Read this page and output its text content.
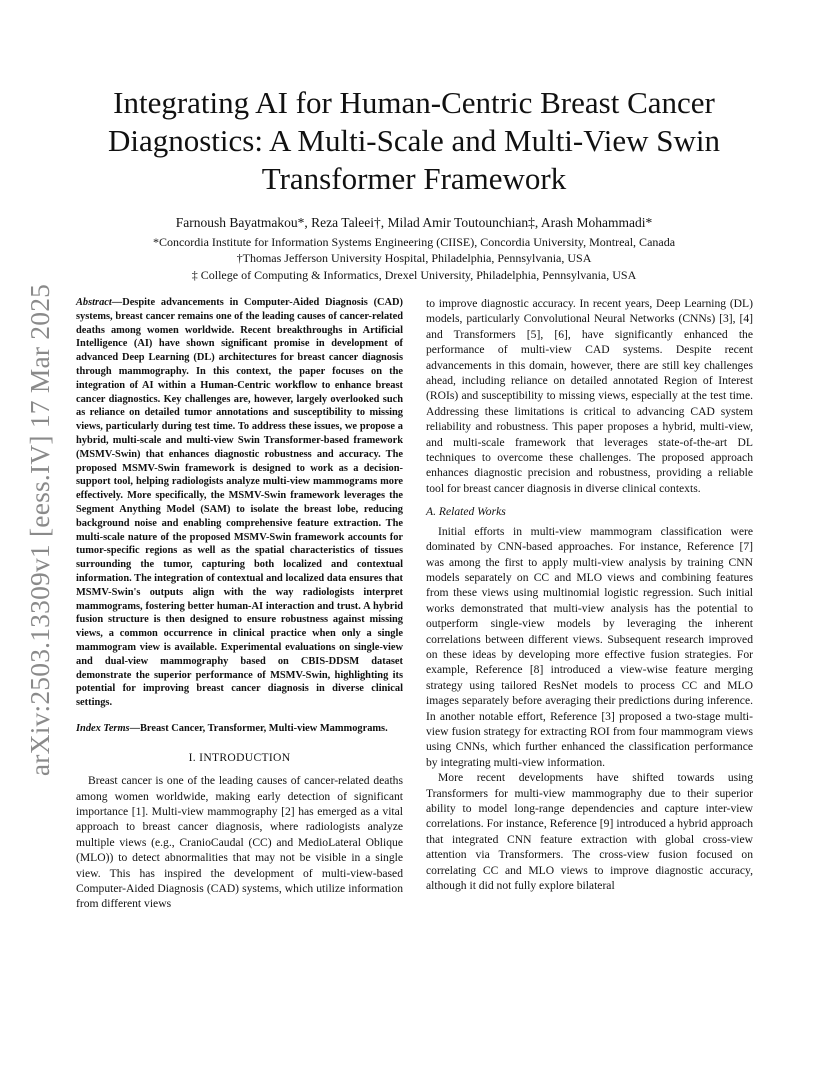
arXiv:2503.13309v1 [eess.IV] 17 Mar 2025
Integrating AI for Human-Centric Breast Cancer Diagnostics: A Multi-Scale and Multi-View Swin Transformer Framework
Farnoush Bayatmakou*, Reza Taleei†, Milad Amir Toutounchian‡, Arash Mohammadi*
*Concordia Institute for Information Systems Engineering (CIISE), Concordia University, Montreal, Canada
†Thomas Jefferson University Hospital, Philadelphia, Pennsylvania, USA
‡ College of Computing & Informatics, Drexel University, Philadelphia, Pennsylvania, USA

Abstract—Despite advancements in Computer-Aided Diagnosis (CAD) systems, breast cancer remains one of the leading causes of cancer-related deaths among women worldwide. Recent breakthroughs in Artificial Intelligence (AI) have shown significant promise in development of advanced Deep Learning (DL) architectures for breast cancer diagnosis through mammography. In this context, the paper focuses on the integration of AI within a Human-Centric workflow to enhance breast cancer diagnostics. Key challenges are, however, largely overlooked such as reliance on detailed tumor annotations and susceptibility to missing views, particularly during test time. To address these issues, we propose a hybrid, multi-scale and multi-view Swin Transformer-based framework (MSMV-Swin) that enhances diagnostic robustness and accuracy. The proposed MSMV-Swin framework is designed to work as a decision-support tool, helping radiologists analyze multi-view mammograms more effectively. More specifically, the MSMV-Swin framework leverages the Segment Anything Model (SAM) to isolate the breast lobe, reducing background noise and enabling comprehensive feature extraction. The multi-scale nature of the proposed MSMV-Swin framework accounts for tumor-specific regions as well as the spatial characteristics of tissues surrounding the tumor, capturing both localized and contextual information. The integration of contextual and localized data ensures that MSMV-Swin's outputs align with the way radiologists interpret mammograms, fostering better human-AI interaction and trust. A hybrid fusion structure is then designed to ensure robustness against missing views, a common occurrence in clinical practice when only a single mammogram view is available. Experimental evaluations on single-view and dual-view mammography based on CBIS-DDSM dataset demonstrate the superior performance of MSMV-Swin, highlighting its potential for improving breast cancer diagnosis in diverse clinical settings.

Index Terms—Breast Cancer, Transformer, Multi-view Mammograms.

I. INTRODUCTION

Breast cancer is one of the leading causes of cancer-related deaths among women worldwide, making early detection of significant importance [1]. Multi-view mammography [2] has emerged as a vital approach to breast cancer diagnosis, where radiologists analyze multiple views (e.g., CranioCaudal (CC) and MedioLateral Oblique (MLO)) to detect abnormalities that may not be visible in a single view. This has inspired the development of multi-view-based Computer-Aided Diagnosis (CAD) systems, which utilize information from different views

to improve diagnostic accuracy. In recent years, Deep Learning (DL) models, particularly Convolutional Neural Networks (CNNs) [3], [4] and Transformers [5], [6], have significantly enhanced the performance of multi-view CAD systems. Despite recent advancements in this domain, however, there are still key challenges ahead, including reliance on detailed annotated Region of Interest (ROIs) and susceptibility to missing views, especially at the test time. Addressing these limitations is critical to advancing CAD system reliability and robustness. This paper proposes a hybrid, multi-view, and multi-scale framework that leverages state-of-the-art DL techniques to overcome these challenges. The proposed approach enhances diagnostic precision and robustness, providing a reliable tool for breast cancer diagnosis in diverse clinical contexts.

A. Related Works

Initial efforts in multi-view mammogram classification were dominated by CNN-based approaches. For instance, Reference [7] was among the first to apply multi-view analysis by training CNN models separately on CC and MLO views and combining features from these views using multinomial logistic regression. Such initial works demonstrated that multi-view analysis has the potential to outperform single-view models by leveraging the inherent correlations between different views. Subsequent research improved on these ideas by developing more effective fusion strategies. For example, Reference [8] introduced a view-wise feature merging strategy using tailored ResNet models to process CC and MLO images separately before averaging their predictions during inference. In another notable effort, Reference [3] proposed a two-stage multi-view fusion strategy for extracting ROI from four mammogram views using CNNs, which further enhanced the classification performance by integrating multi-view information.

More recent developments have shifted towards using Transformers for multi-view mammography due to their superior ability to model long-range dependencies and capture inter-view correlations. For instance, Reference [9] introduced a hybrid approach that integrated CNN feature extraction with global cross-view attention via Transformers. The cross-view fusion focused on correlating CC and MLO views to improve diagnostic accuracy, although it did not fully explore bilateral
